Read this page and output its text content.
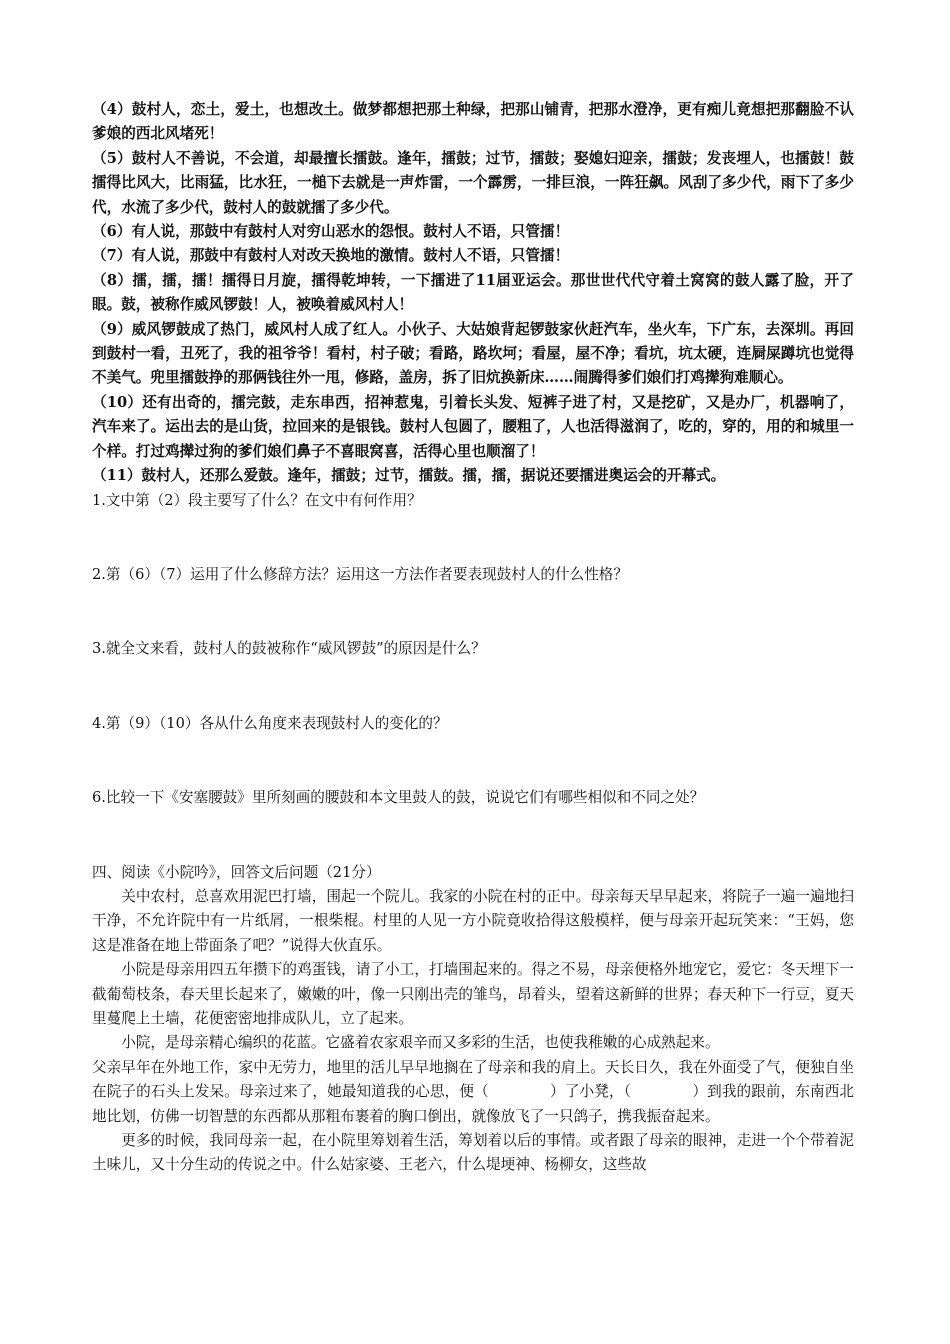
（4）鼓村人，恋土，爱土，也想改土。做梦都想把那土种绿，把那山铺青，把那水澄净，更有痴儿竟想把那翻脸不认爹娘的西北风堵死！

（5）鼓村人不善说，不会道，却最擅长擂鼓。逢年，擂鼓；过节，擂鼓；娶媳妇迎亲，擂鼓；发丧埋人，也擂鼓！鼓擂得比风大，比雨猛，比水狂，一槌下去就是一声炸雷，一个霹雳，一排巨浪，一阵狂飙。风刮了多少代，雨下了多少代，水流了多少代，鼓村人的鼓就擂了多少代。

（6）有人说，那鼓中有鼓村人对穷山恶水的怨恨。鼓村人不语，只管擂！

（7）有人说，那鼓中有鼓村人对改天换地的激情。鼓村人不语，只管擂！

（8）擂，擂，擂！擂得日月旋，擂得乾坤转，一下擂进了11届亚运会。那世世代代守着土窝窝的鼓人露了脸，开了眼。鼓，被称作威风锣鼓！人，被唤着威风村人！

（9）威风锣鼓成了热门，威风村人成了红人。小伙子、大姑娘背起锣鼓家伙赶汽车，坐火车，下广东，去深圳。再回到鼓村一看，丑死了，我的祖爷爷！看村，村子破；看路，路坎坷；看屋，屋不净；看坑，坑太硬，连屙屎蹲坑也觉得不美气。兜里擂鼓挣的那俩钱往外一甩，修路，盖房，拆了旧炕换新床……闹腾得爹们娘们打鸡撵狗难顺心。

（10）还有出奇的，擂完鼓，走东串西，招神惹鬼，引着长头发、短裤子进了村，又是挖矿，又是办厂，机器响了，汽车来了。运出去的是山货，拉回来的是银钱。鼓村人包圆了，腰粗了，人也活得滋润了，吃的，穿的，用的和城里一个样。打过鸡撵过狗的爹们娘们鼻子不喜眼窝喜，活得心里也顺溜了！

（11）鼓村人，还那么爱鼓。逢年，擂鼓；过节，擂鼓。擂，擂，据说还要擂进奥运会的开幕式。

1.文中第（2）段主要写了什么？在文中有何作用？

2.第（6）（7）运用了什么修辞方法？运用这一方法作者要表现鼓村人的什么性格？

3.就全文来看，鼓村人的鼓被称作“威风锣鼓”的原因是什么？

4.第（9）（10）各从什么角度来表现鼓村人的变化的？

6.比较一下《安塞腰鼓》里所刻画的腰鼓和本文里鼓人的鼓，说说它们有哪些相似和不同之处？

四、阅读《小院吟》，回答文后问题（21分）

关中农村，总喜欢用泥巴打墙，围起一个院儿。我家的小院在村的正中。母亲每天早早起来，将院子一遍一遍地扫干净，不允许院中有一片纸屑，一根柴棍。村里的人见一方小院竟收拾得这般模样，便与母亲开起玩笑来：“王妈，您这是准备在地上带面条了吧？”说得大伙直乐。

小院是母亲用四五年攒下的鸡蛋钱，请了小工，打墙围起来的。得之不易，母亲便格外地宠它，爱它：冬天埋下一截葡萄枝条，春天里长起来了，嫩嫩的叶，像一只刚出壳的雏鸟，昂着头，望着这新鲜的世界；春天种下一行豆，夏天里蔓爬上土墙，花便密密地排成队儿，立了起来。

小院，是母亲精心编织的花蓝。它盛着农家艰辛而又多彩的生活，也使我稚嫩的心成熟起来。

父亲早年在外地工作，家中无劳力，地里的活儿早早地搁在了母亲和我的肩上。天长日久，我在外面受了气，便独自坐在院子的石头上发呆。母亲过来了，她最知道我的心思，便（	）了小凳，（	）到我的跟前，东南西北地比划，仿佛一切智慧的东西都从那粗布裹着的胸口倒出，就像放飞了一只鸽子，携我振奋起来。

更多的时候，我同母亲一起，在小院里筹划着生活，筹划着以后的事情。或者跟了母亲的眼神，走进一个个带着泥土味儿，又十分生动的传说之中。什么姑家婆、王老六，什么堤埂神、杨柳女，这些故
